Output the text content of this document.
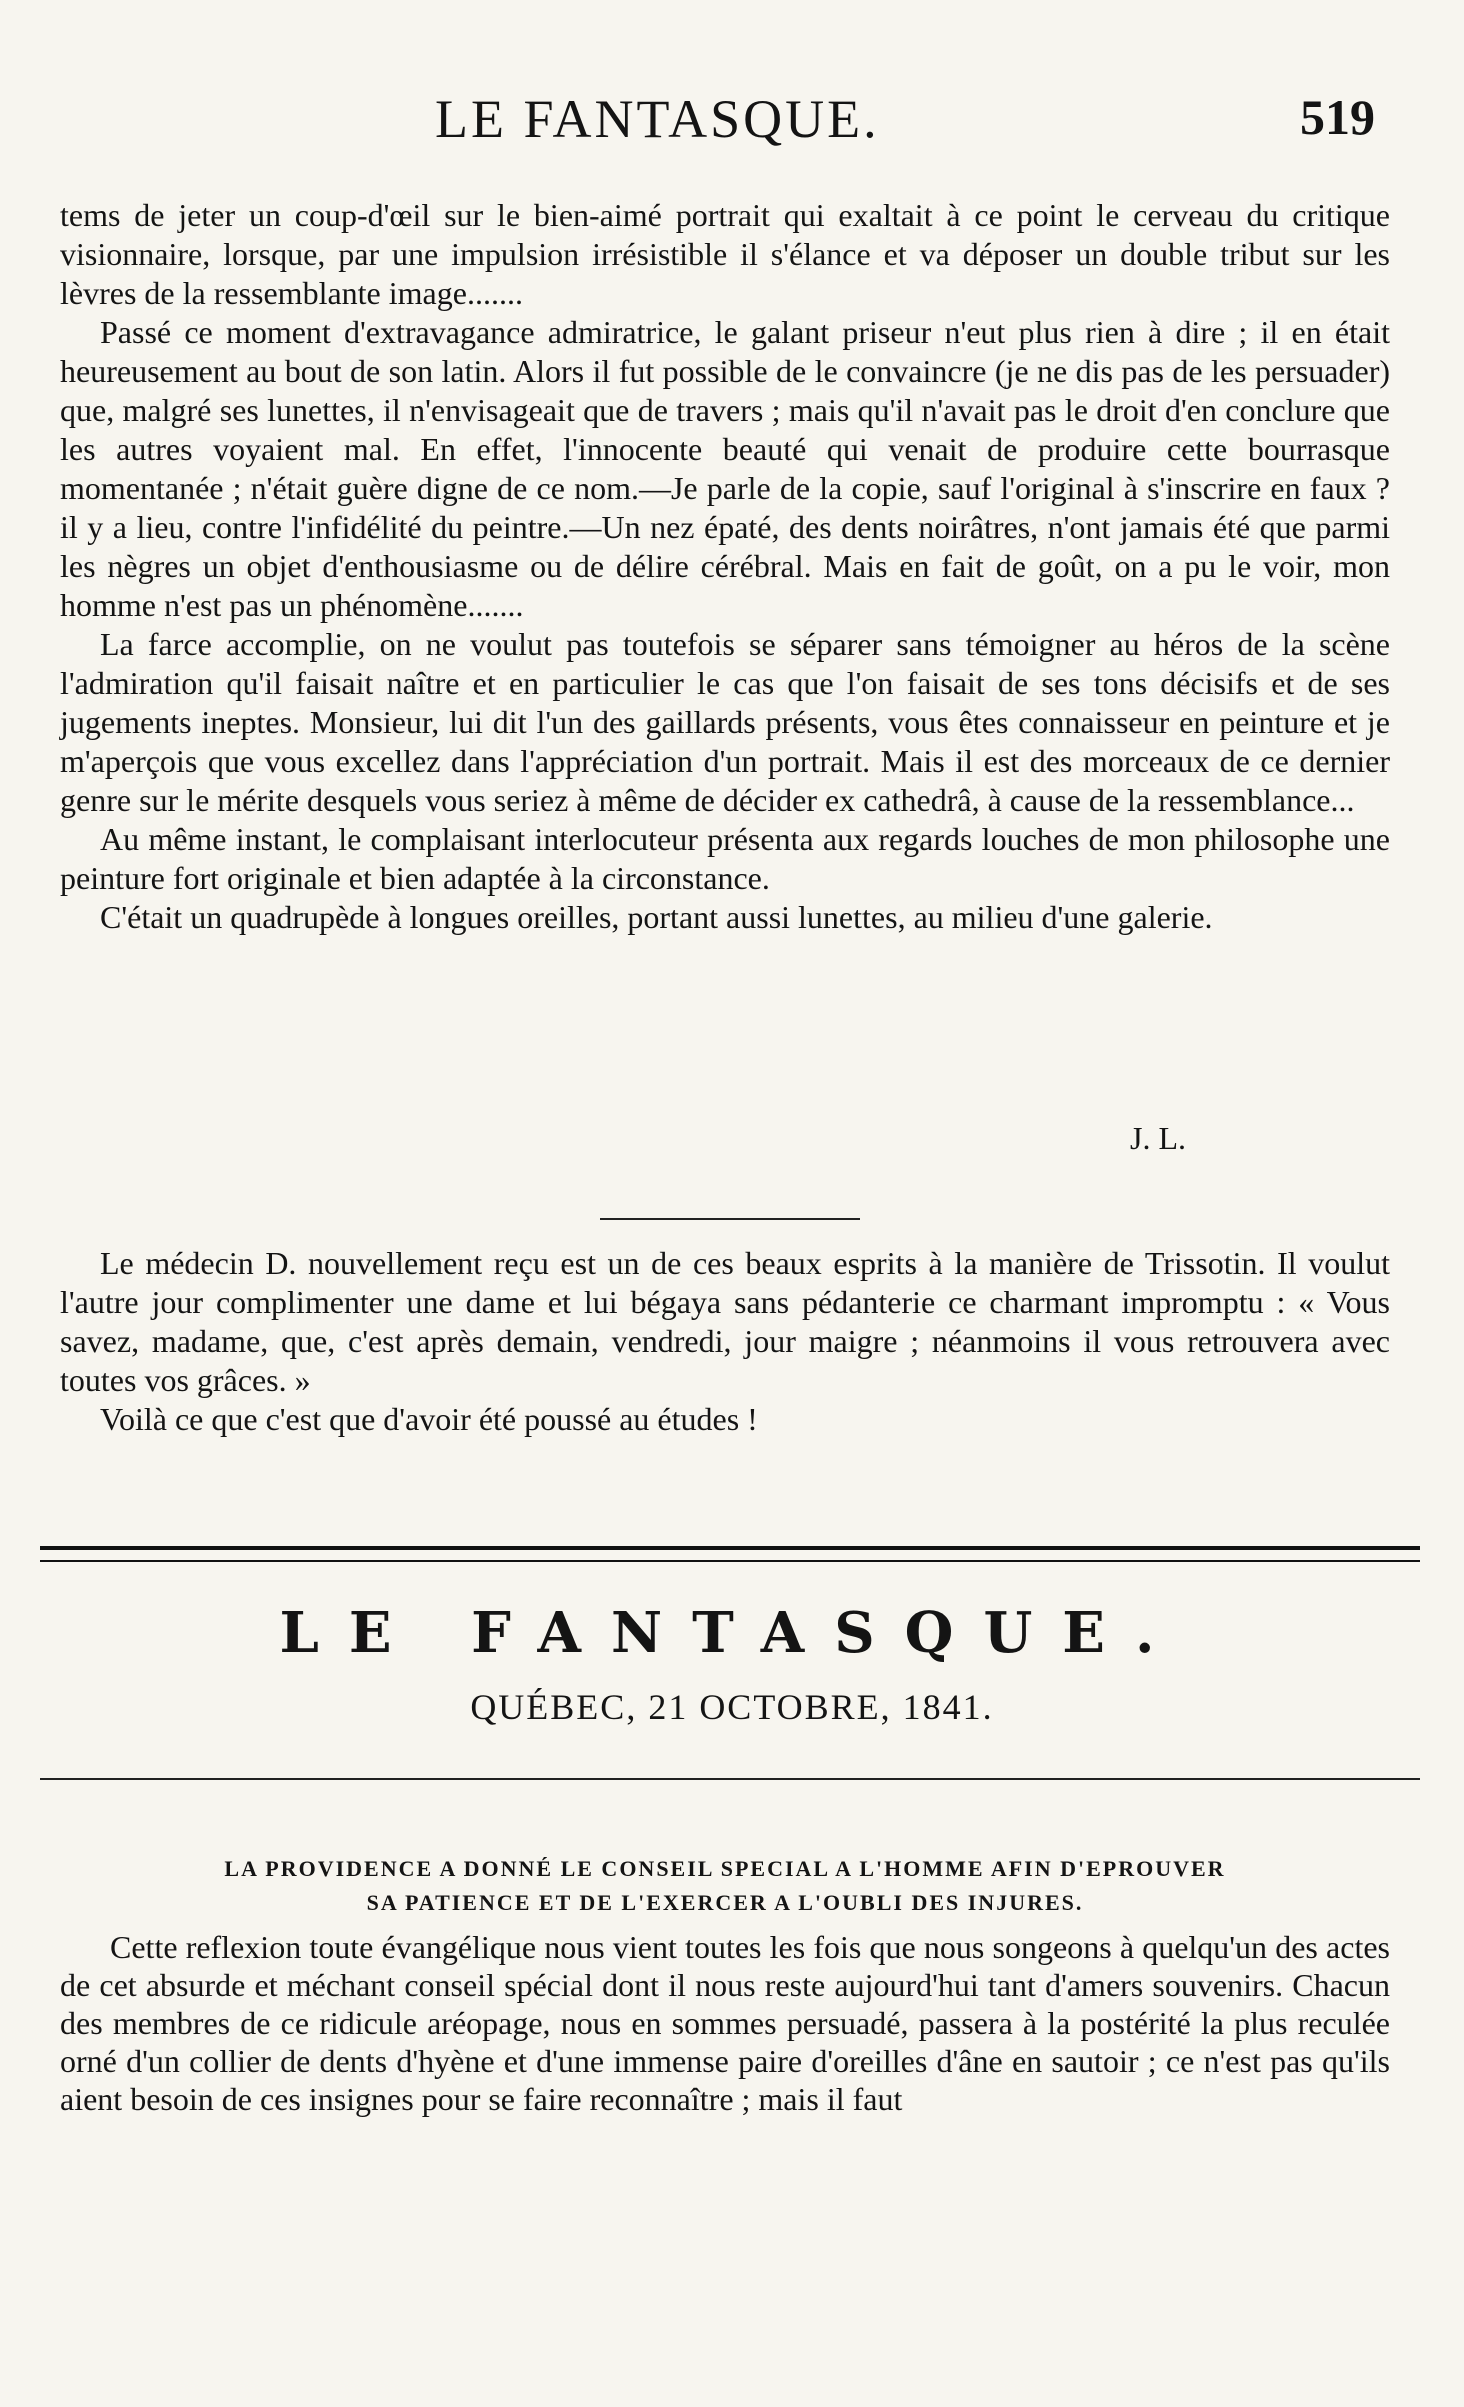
LE FANTASQUE.	519

tems de jeter un coup-d'œil sur le bien-aimé portrait qui exaltait à ce point le cerveau du critique visionnaire, lorsque, par une impulsion irrésistible il s'élance et va déposer un double tribut sur les lèvres de la ressemblante image.......

Passé ce moment d'extravagance admiratrice, le galant priseur n'eut plus rien à dire ; il en était heureusement au bout de son latin. Alors il fut possible de le convaincre (je ne dis pas de les persuader) que, malgré ses lunettes, il n'envisageait que de travers ; mais qu'il n'avait pas le droit d'en conclure que les autres voyaient mal. En effet, l'innocente beauté qui venait de produire cette bourrasque momentanée ; n'était guère digne de ce nom.—Je parle de la copie, sauf l'original à s'inscrire en faux ? il y a lieu, contre l'infidélité du peintre.—Un nez épaté, des dents noirâtres, n'ont jamais été que parmi les nègres un objet d'enthousiasme ou de délire cérébral. Mais en fait de goût, on a pu le voir, mon homme n'est pas un phénomène.......

La farce accomplie, on ne voulut pas toutefois se séparer sans témoigner au héros de la scène l'admiration qu'il faisait naître et en particulier le cas que l'on faisait de ses tons décisifs et de ses jugements ineptes. Monsieur, lui dit l'un des gaillards présents, vous êtes connaisseur en peinture et je m'aperçois que vous excellez dans l'appréciation d'un portrait. Mais il est des morceaux de ce dernier genre sur le mérite desquels vous seriez à même de décider ex cathedrâ, à cause de la ressemblance...

Au même instant, le complaisant interlocuteur présenta aux regards louches de mon philosophe une peinture fort originale et bien adaptée à la circonstance.

C'était un quadrupède à longues oreilles, portant aussi lunettes, au milieu d'une galerie.

J. L.

Le médecin D. nouvellement reçu est un de ces beaux esprits à la manière de Trissotin. Il voulut l'autre jour complimenter une dame et lui bégaya sans pédanterie ce charmant impromptu : « Vous savez, madame, que, c'est après demain, vendredi, jour maigre ; néanmoins il vous retrouvera avec toutes vos grâces. »

Voilà ce que c'est que d'avoir été poussé au études !

LE FANTASQUE.
QUÉBEC, 21 OCTOBRE, 1841.
LA PROVIDENCE A DONNÉ LE CONSEIL SPECIAL A L'HOMME AFIN D'EPROUVER
SA PATIENCE ET DE L'EXERCER A L'OUBLI DES INJURES.

Cette reflexion toute évangélique nous vient toutes les fois que nous songeons à quelqu'un des actes de cet absurde et méchant conseil spécial dont il nous reste aujourd'hui tant d'amers souvenirs. Chacun des membres de ce ridicule aréopage, nous en sommes persuadé, passera à la postérité la plus reculée orné d'un collier de dents d'hyène et d'une immense paire d'oreilles d'âne en sautoir ; ce n'est pas qu'ils aient besoin de ces insignes pour se faire reconnaître ; mais il faut
